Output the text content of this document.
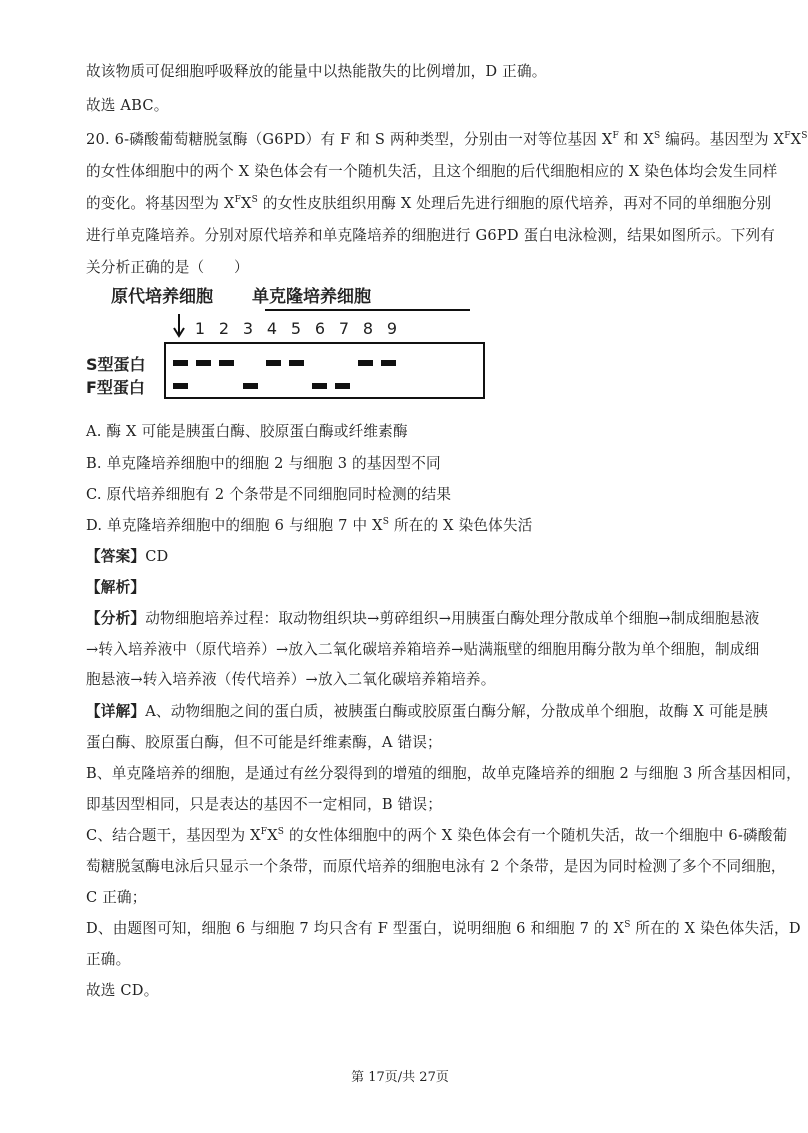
故该物质可促细胞呼吸释放的能量中以热能散失的比例增加，D 正确。
故选 ABC。
20. 6-磷酸葡萄糖脱氢酶（G6PD）有 F 和 S 两种类型，分别由一对等位基因 $X^F$ 和 $X^S$ 编码。基因型为 $X^FX^S$
的女性体细胞中的两个 X 染色体会有一个随机失活，且这个细胞的后代细胞相应的 X 染色体均会发生同样
的变化。将基因型为 $X^FX^S$ 的女性皮肤组织用酶 X 处理后先进行细胞的原代培养，再对不同的单细胞分别
进行单克隆培养。分别对原代培养和单克隆培养的细胞进行 G6PD 蛋白电泳检测，结果如图所示。下列有
关分析正确的是（　　）
原代培养细胞 单克隆培养细胞
1 2 3 4 5 6 7 8 9
S型蛋白
F型蛋白
A. 酶 X 可能是胰蛋白酶、胶原蛋白酶或纤维素酶
B. 单克隆培养细胞中的细胞 2 与细胞 3 的基因型不同
C. 原代培养细胞有 2 个条带是不同细胞同时检测的结果
D. 单克隆培养细胞中的细胞 6 与细胞 7 中 $X^S$ 所在的 X 染色体失活
【答案】CD
【解析】
【分析】动物细胞培养过程：取动物组织块→剪碎组织→用胰蛋白酶处理分散成单个细胞→制成细胞悬液
→转入培养液中（原代培养）→放入二氧化碳培养箱培养→贴满瓶壁的细胞用酶分散为单个细胞，制成细
胞悬液→转入培养液（传代培养）→放入二氧化碳培养箱培养。
【详解】A、动物细胞之间的蛋白质，被胰蛋白酶或胶原蛋白酶分解，分散成单个细胞，故酶 X 可能是胰
蛋白酶、胶原蛋白酶，但不可能是纤维素酶，A 错误；
B、单克隆培养的细胞，是通过有丝分裂得到的增殖的细胞，故单克隆培养的细胞 2 与细胞 3 所含基因相同，
即基因型相同，只是表达的基因不一定相同，B 错误；
C、结合题干，基因型为 $X^FX^S$ 的女性体细胞中的两个 X 染色体会有一个随机失活，故一个细胞中 6-磷酸葡
萄糖脱氢酶电泳后只显示一个条带，而原代培养的细胞电泳有 2 个条带，是因为同时检测了多个不同细胞，
C 正确；
D、由题图可知，细胞 6 与细胞 7 均只含有 F 型蛋白，说明细胞 6 和细胞 7 的 $X^S$ 所在的 X 染色体失活，D
正确。
故选 CD。
第 17页/共 27页
